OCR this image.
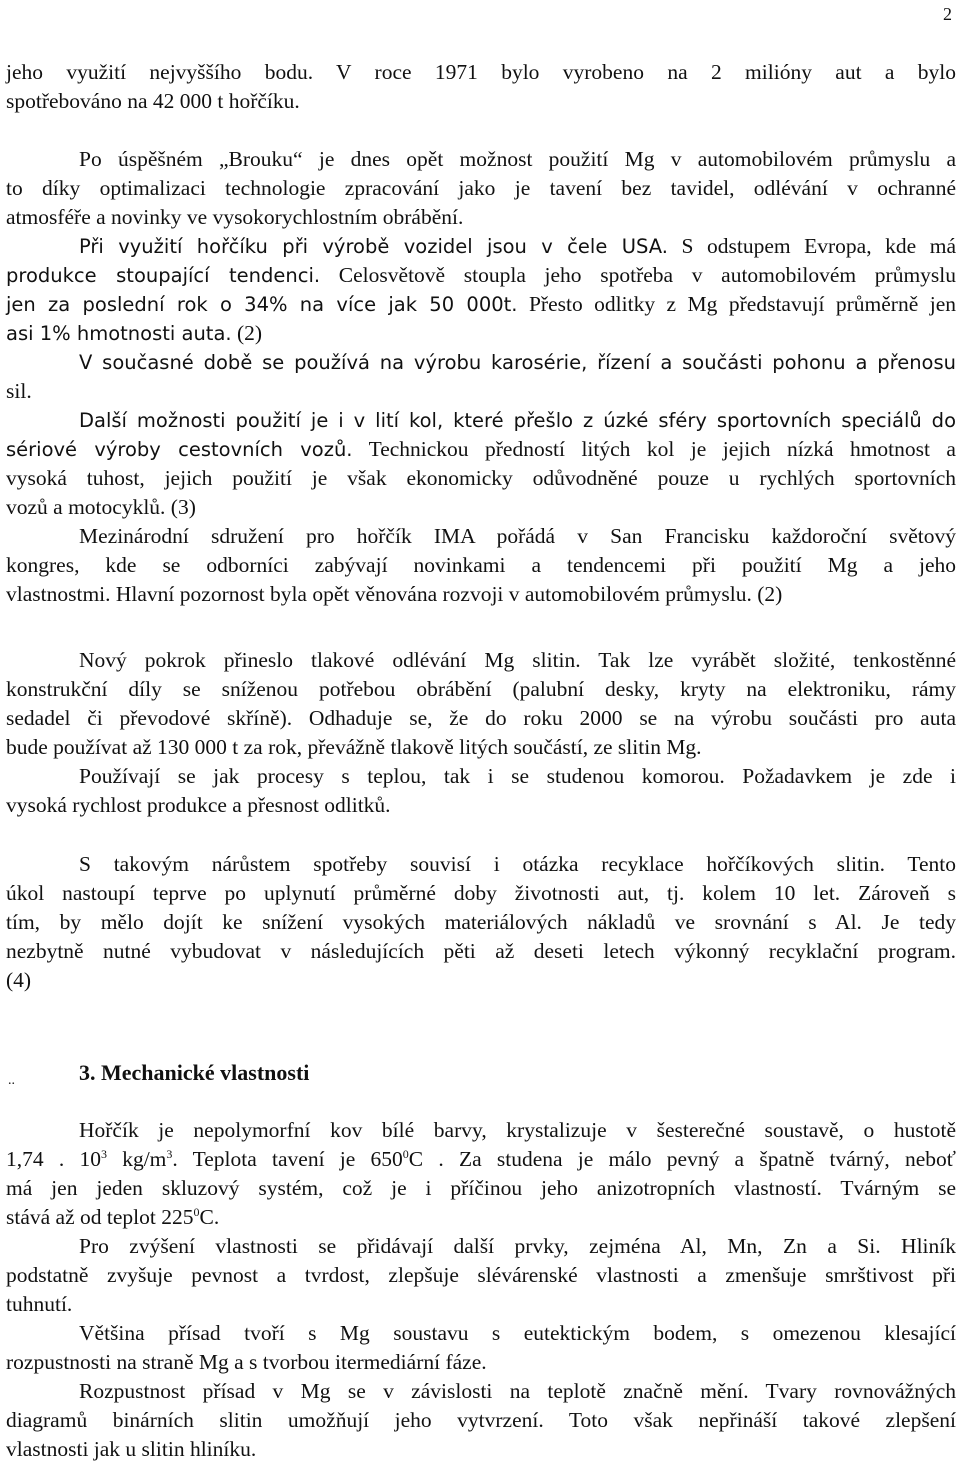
2
jeho využití nejvyššího bodu. V roce 1971 bylo vyrobeno na 2 milióny aut a bylo
spotřebováno na 42 000 t hořčíku.
Po úspěšném „Brouku“ je dnes opět možnost použití Mg v automobilovém průmyslu a
to díky optimalizaci technologie zpracování jako je tavení bez tavidel, odlévání v ochranné
atmosféře a novinky ve vysokorychlostním obrábění.
Při využití hořčíku při výrobě vozidel jsou v čele USA. S odstupem Evropa, kde má
produkce stoupající tendenci. Celosvětově stoupla jeho spotřeba v automobilovém průmyslu
jen za poslední rok o 34% na více jak 50 000t. Přesto odlitky z Mg představují průměrně jen
asi 1% hmotnosti auta. (2)
V současné době se používá na výrobu karosérie, řízení a součásti pohonu a přenosu
sil.
Další možnosti použití je i v lití kol, které přešlo z úzké sféry sportovních speciálů do
sériové výroby cestovních vozů. Technickou předností litých kol je jejich nízká hmotnost a
vysoká tuhost, jejich použití je však ekonomicky odůvodněné pouze u rychlých sportovních
vozů a motocyklů. (3)
Mezinárodní sdružení pro hořčík IMA pořádá v San Francisku každoroční světový
kongres, kde se odborníci zabývají novinkami a tendencemi při použití Mg a jeho
vlastnostmi. Hlavní pozornost byla opět věnována rozvoji v automobilovém průmyslu. (2)
Nový pokrok přineslo tlakové odlévání Mg slitin. Tak lze vyrábět složité, tenkostěnné
konstrukční díly se sníženou potřebou obrábění (palubní desky, kryty na elektroniku, rámy
sedadel či převodové skříně). Odhaduje se, že do roku 2000 se na výrobu součásti pro auta
bude používat až 130 000 t za rok, převážně tlakově litých součástí, ze slitin Mg.
Používají se jak procesy s teplou, tak i se studenou komorou. Požadavkem je zde i
vysoká rychlost produkce a přesnost odlitků.
S takovým nárůstem spotřeby souvisí i otázka recyklace hořčíkových slitin. Tento
úkol nastoupí teprve po uplynutí průměrné doby životnosti aut, tj. kolem 10 let. Zároveň s
tím, by mělo dojít ke snížení vysokých materiálových nákladů ve srovnání s Al. Je tedy
nezbytně nutné vybudovat v následujících pěti až deseti letech výkonný recyklační program.
(4)
..	3. Mechanické vlastnosti
Hořčík je nepolymorfní kov bílé barvy, krystalizuje v šesterečné soustavě, o hustotě
1,74 . $10^3$ $kg/m^3$. Teplota tavení je $650^0C$ . Za studena je málo pevný a špatně tvárný, neboť
má jen jeden skluzový systém, což je i příčinou jeho anizotropních vlastností. Tvárným se
stává až od teplot $225^0C$.
Pro zvýšení vlastnosti se přidávají další prvky, zejména Al, Mn, Zn a Si. Hliník
podstatně zvyšuje pevnost a tvrdost, zlepšuje slévárenské vlastnosti a zmenšuje smrštivost při
tuhnutí.
Většina přísad tvoří s Mg soustavu s eutektickým bodem, s omezenou klesající
rozpustnosti na straně Mg a s tvorbou itermediární fáze.
Rozpustnost přísad v Mg se v závislosti na teplotě značně mění. Tvary rovnovážných
diagramů binárních slitin umožňují jeho vytvrzení. Toto však nepřináší takové zlepšení
vlastnosti jak u slitin hliníku.
